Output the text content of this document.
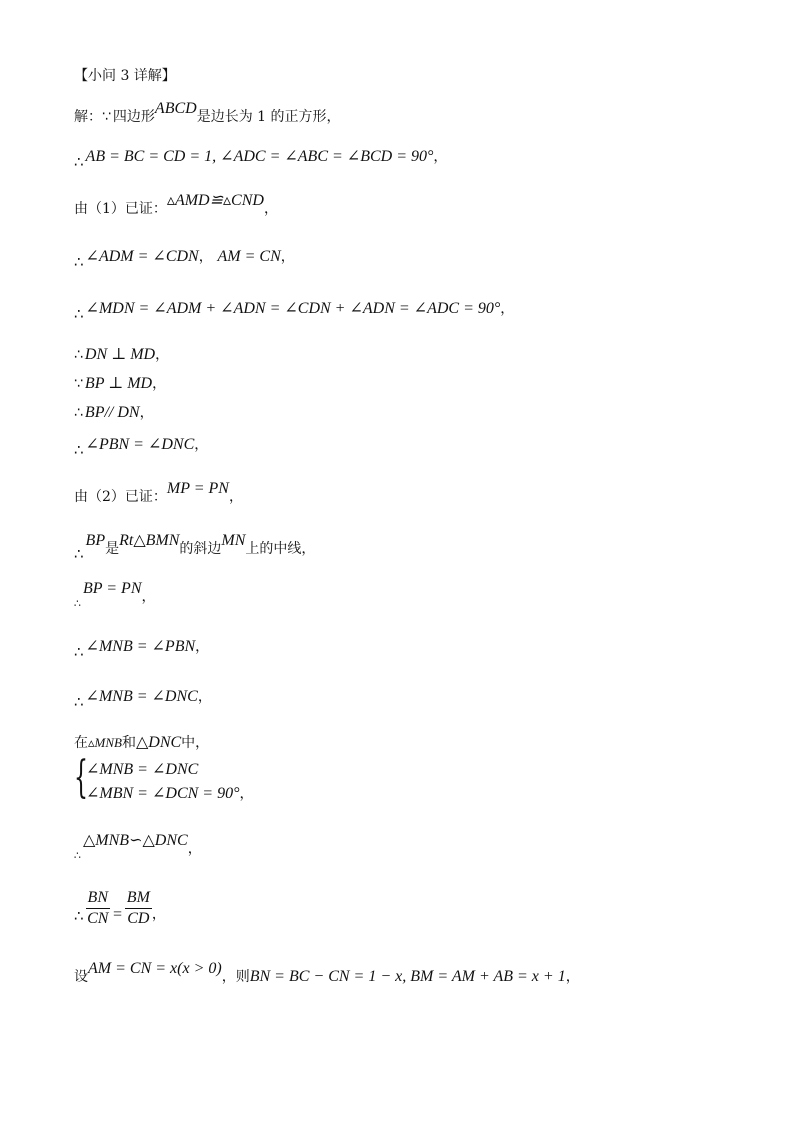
【小问 3 详解】
解：∵ 四边形ABCD是边长为 1 的正方形，
∴ AB = BC = CD = 1, ∠ADC = ∠ABC = ∠BCD = 90°，
由（1）已证：▵AMD≌▵CND，
∴ ∠ADM = ∠CDN， AM = CN，
∴ ∠MDN = ∠ADM + ∠ADN = ∠CDN + ∠ADN = ∠ADC = 90°，
∴ DN ⊥ MD，
∵ BP ⊥ MD，
∴ BP// DN，
∴ ∠PBN = ∠DNC，
由（2）已证：MP = PN，
∴BP是Rt△BMN的斜边MN上的中线，
$_\therefore$BP = PN，
∴ ∠MNB = ∠PBN，
∴ ∠MNB = ∠DNC，
在▵MNB和△DNC中，
{
∠MNB = ∠DNC
∠MBN = ∠DCN = 90°，
$_\therefore$△MNB∽△DNC，
∴ $\frac{BN}{CN} = \frac{BM}{CD}$ ，
设AM = CN = x(x > 0)，则BN = BC − CN = 1 − x, BM = AM + AB = x + 1，
